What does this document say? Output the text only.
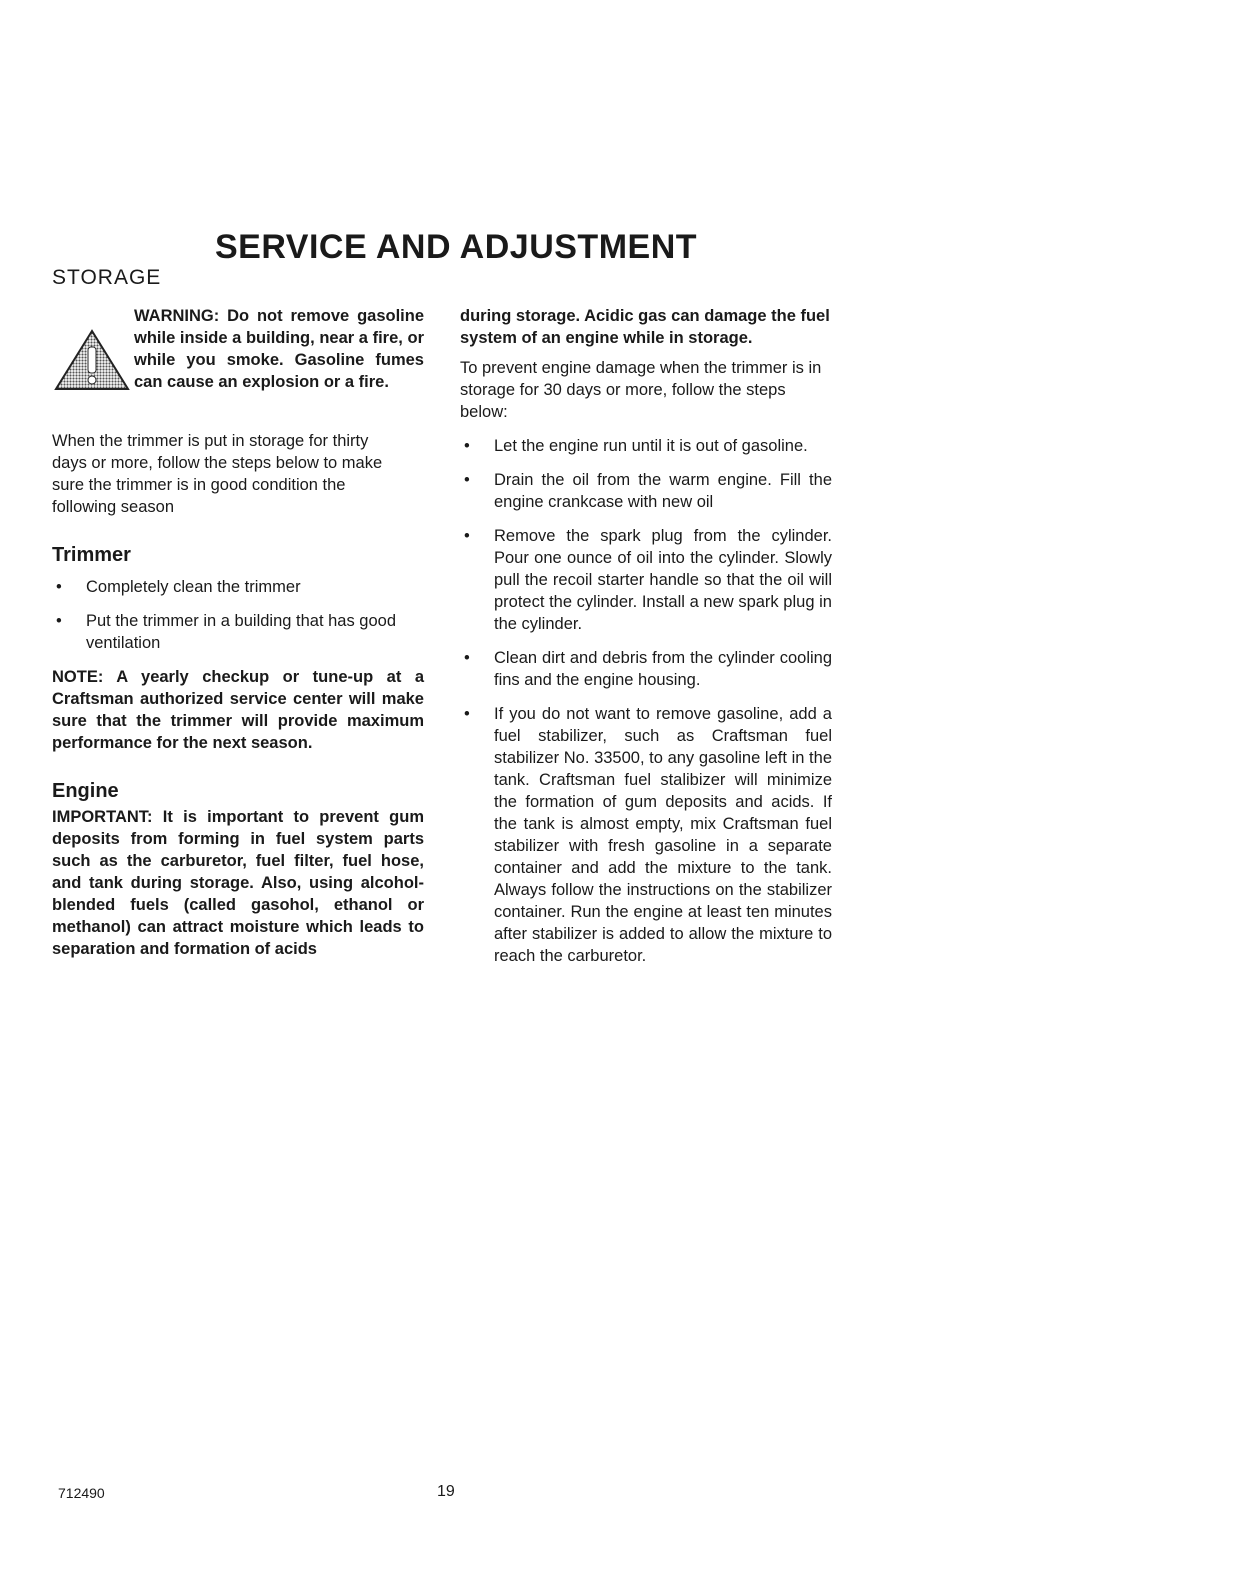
SERVICE AND ADJUSTMENT
STORAGE
WARNING: Do not remove gasoline while inside a building, near a fire, or while you smoke. Gasoline fumes can cause an explosion or a fire.

When the trimmer is put in storage for thirty days or more, follow the steps below to make sure the trimmer is in good condition the following season

Trimmer
• Completely clean the trimmer
• Put the trimmer in a building that has good ventilation

NOTE: A yearly checkup or tune-up at a Craftsman authorized service center will make sure that the trimmer will provide maximum performance for the next season.

Engine

IMPORTANT: It is important to prevent gum deposits from forming in fuel system parts such as the carburetor, fuel filter, fuel hose, and tank during storage. Also, using alcohol-blended fuels (called gasohol, ethanol or methanol) can attract moisture which leads to separation and formation of acids

during storage. Acidic gas can damage the fuel system of an engine while in storage.

To prevent engine damage when the trimmer is in storage for 30 days or more, follow the steps below:

• Let the engine run until it is out of gasoline.
• Drain the oil from the warm engine. Fill the engine crankcase with new oil
• Remove the spark plug from the cylinder. Pour one ounce of oil into the cylinder. Slowly pull the recoil starter handle so that the oil will protect the cylinder. Install a new spark plug in the cylinder.
• Clean dirt and debris from the cylinder cooling fins and the engine housing.
• If you do not want to remove gasoline, add a fuel stabilizer, such as Craftsman fuel stabilizer No. 33500, to any gasoline left in the tank. Craftsman fuel stalibizer will minimize the formation of gum deposits and acids. If the tank is almost empty, mix Craftsman fuel stabilizer with fresh gasoline in a separate container and add the mixture to the tank. Always follow the instructions on the stabilizer container. Run the engine at least ten minutes after stabilizer is added to allow the mixture to reach the carburetor.
712490	19
